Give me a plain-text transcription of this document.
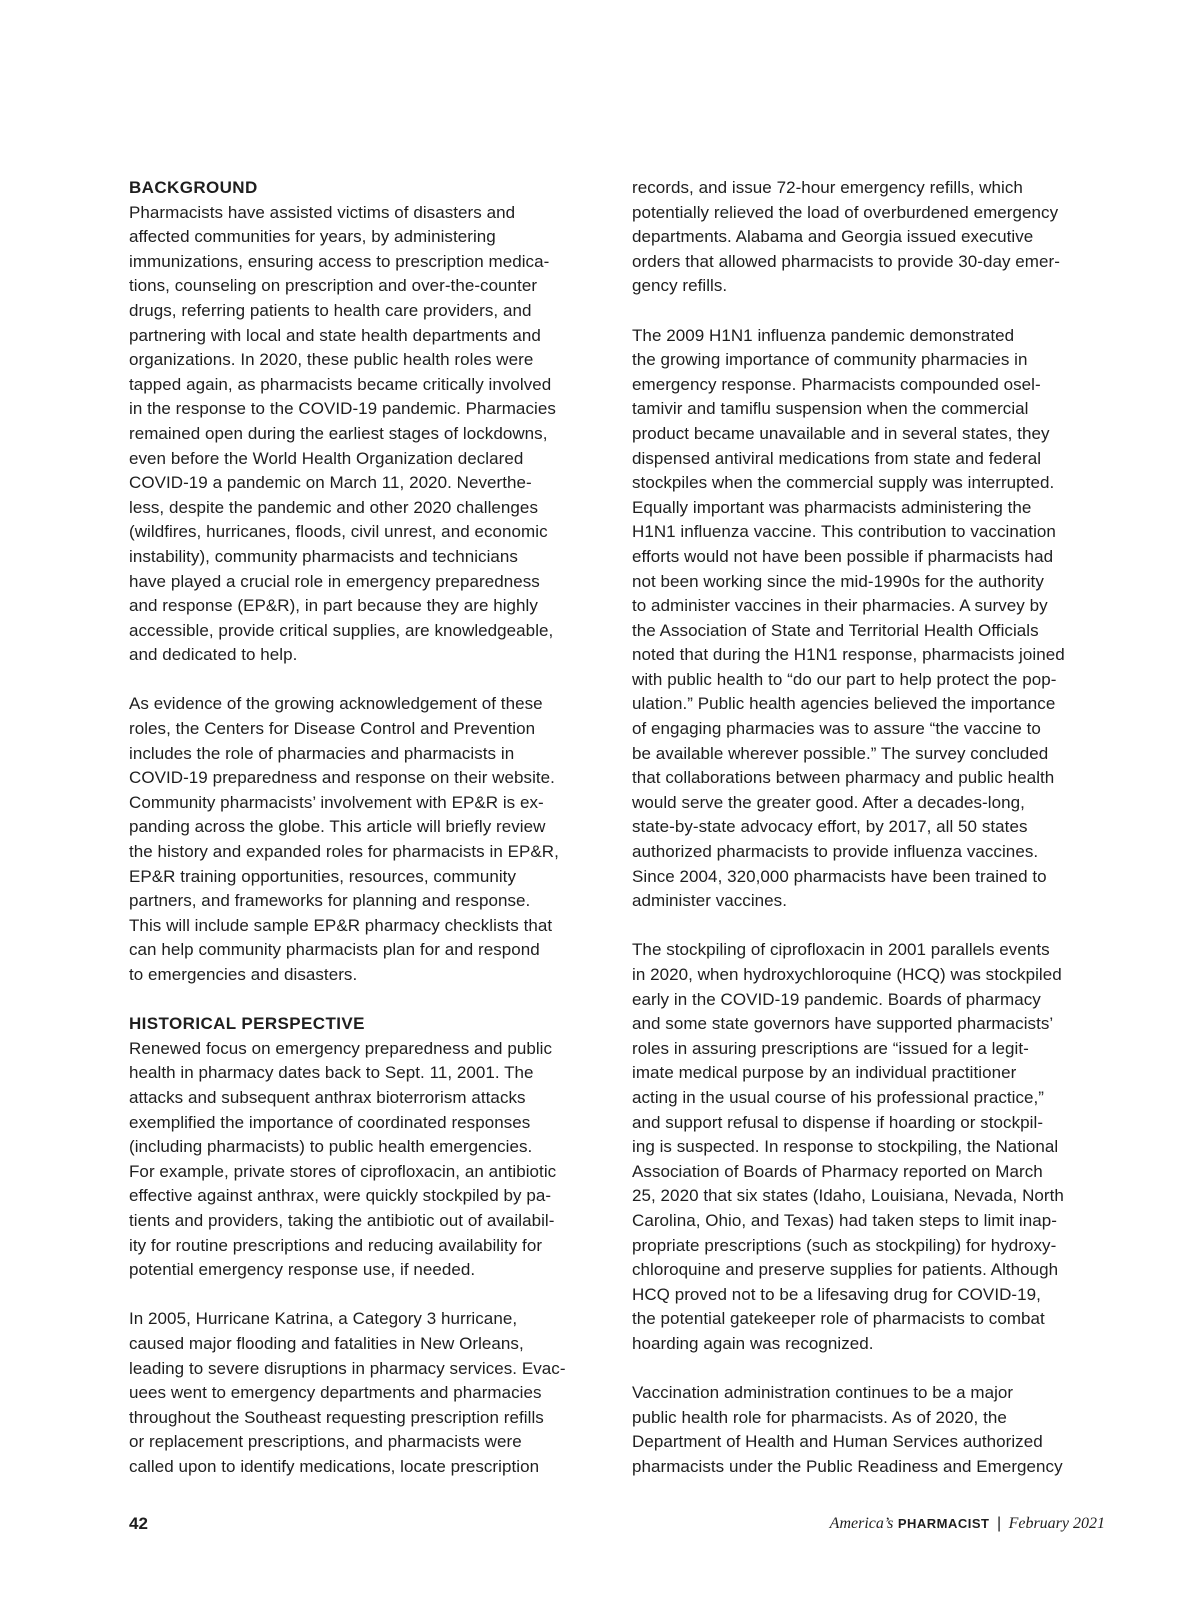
BACKGROUND
Pharmacists have assisted victims of disasters and
affected communities for years, by administering
immunizations, ensuring access to prescription medica-
tions, counseling on prescription and over-the-counter
drugs, referring patients to health care providers, and
partnering with local and state health departments and
organizations. In 2020, these public health roles were
tapped again, as pharmacists became critically involved
in the response to the COVID-19 pandemic. Pharmacies
remained open during the earliest stages of lockdowns,
even before the World Health Organization declared
COVID-19 a pandemic on March 11, 2020. Neverthe-
less, despite the pandemic and other 2020 challenges
(wildfires, hurricanes, floods, civil unrest, and economic
instability), community pharmacists and technicians
have played a crucial role in emergency preparedness
and response (EP&R), in part because they are highly
accessible, provide critical supplies, are knowledgeable,
and dedicated to help.
As evidence of the growing acknowledgement of these
roles, the Centers for Disease Control and Prevention
includes the role of pharmacies and pharmacists in
COVID-19 preparedness and response on their website.
Community pharmacists’ involvement with EP&R is ex-
panding across the globe. This article will briefly review
the history and expanded roles for pharmacists in EP&R,
EP&R training opportunities, resources, community
partners, and frameworks for planning and response.
This will include sample EP&R pharmacy checklists that
can help community pharmacists plan for and respond
to emergencies and disasters.
HISTORICAL PERSPECTIVE
Renewed focus on emergency preparedness and public
health in pharmacy dates back to Sept. 11, 2001. The
attacks and subsequent anthrax bioterrorism attacks
exemplified the importance of coordinated responses
(including pharmacists) to public health emergencies.
For example, private stores of ciprofloxacin, an antibiotic
effective against anthrax, were quickly stockpiled by pa-
tients and providers, taking the antibiotic out of availabil-
ity for routine prescriptions and reducing availability for
potential emergency response use, if needed.
In 2005, Hurricane Katrina, a Category 3 hurricane,
caused major flooding and fatalities in New Orleans,
leading to severe disruptions in pharmacy services. Evac-
uees went to emergency departments and pharmacies
throughout the Southeast requesting prescription refills
or replacement prescriptions, and pharmacists were
called upon to identify medications, locate prescription
records, and issue 72-hour emergency refills, which
potentially relieved the load of overburdened emergency
departments. Alabama and Georgia issued executive
orders that allowed pharmacists to provide 30-day emer-
gency refills.
The 2009 H1N1 influenza pandemic demonstrated
the growing importance of community pharmacies in
emergency response. Pharmacists compounded osel-
tamivir and tamiflu suspension when the commercial
product became unavailable and in several states, they
dispensed antiviral medications from state and federal
stockpiles when the commercial supply was interrupted.
Equally important was pharmacists administering the
H1N1 influenza vaccine. This contribution to vaccination
efforts would not have been possible if pharmacists had
not been working since the mid-1990s for the authority
to administer vaccines in their pharmacies. A survey by
the Association of State and Territorial Health Officials
noted that during the H1N1 response, pharmacists joined
with public health to “do our part to help protect the pop-
ulation.” Public health agencies believed the importance
of engaging pharmacies was to assure “the vaccine to
be available wherever possible.” The survey concluded
that collaborations between pharmacy and public health
would serve the greater good. After a decades-long,
state-by-state advocacy effort, by 2017, all 50 states
authorized pharmacists to provide influenza vaccines.
Since 2004, 320,000 pharmacists have been trained to
administer vaccines.
The stockpiling of ciprofloxacin in 2001 parallels events
in 2020, when hydroxychloroquine (HCQ) was stockpiled
early in the COVID-19 pandemic. Boards of pharmacy
and some state governors have supported pharmacists’
roles in assuring prescriptions are “issued for a legit-
imate medical purpose by an individual practitioner
acting in the usual course of his professional practice,”
and support refusal to dispense if hoarding or stockpil-
ing is suspected. In response to stockpiling, the National
Association of Boards of Pharmacy reported on March
25, 2020 that six states (Idaho, Louisiana, Nevada, North
Carolina, Ohio, and Texas) had taken steps to limit inap-
propriate prescriptions (such as stockpiling) for hydroxy-
chloroquine and preserve supplies for patients. Although
HCQ proved not to be a lifesaving drug for COVID-19,
the potential gatekeeper role of pharmacists to combat
hoarding again was recognized.
Vaccination administration continues to be a major
public health role for pharmacists. As of 2020, the
Department of Health and Human Services authorized
pharmacists under the Public Readiness and Emergency
42	America’s PHARMACIST | February 2021
